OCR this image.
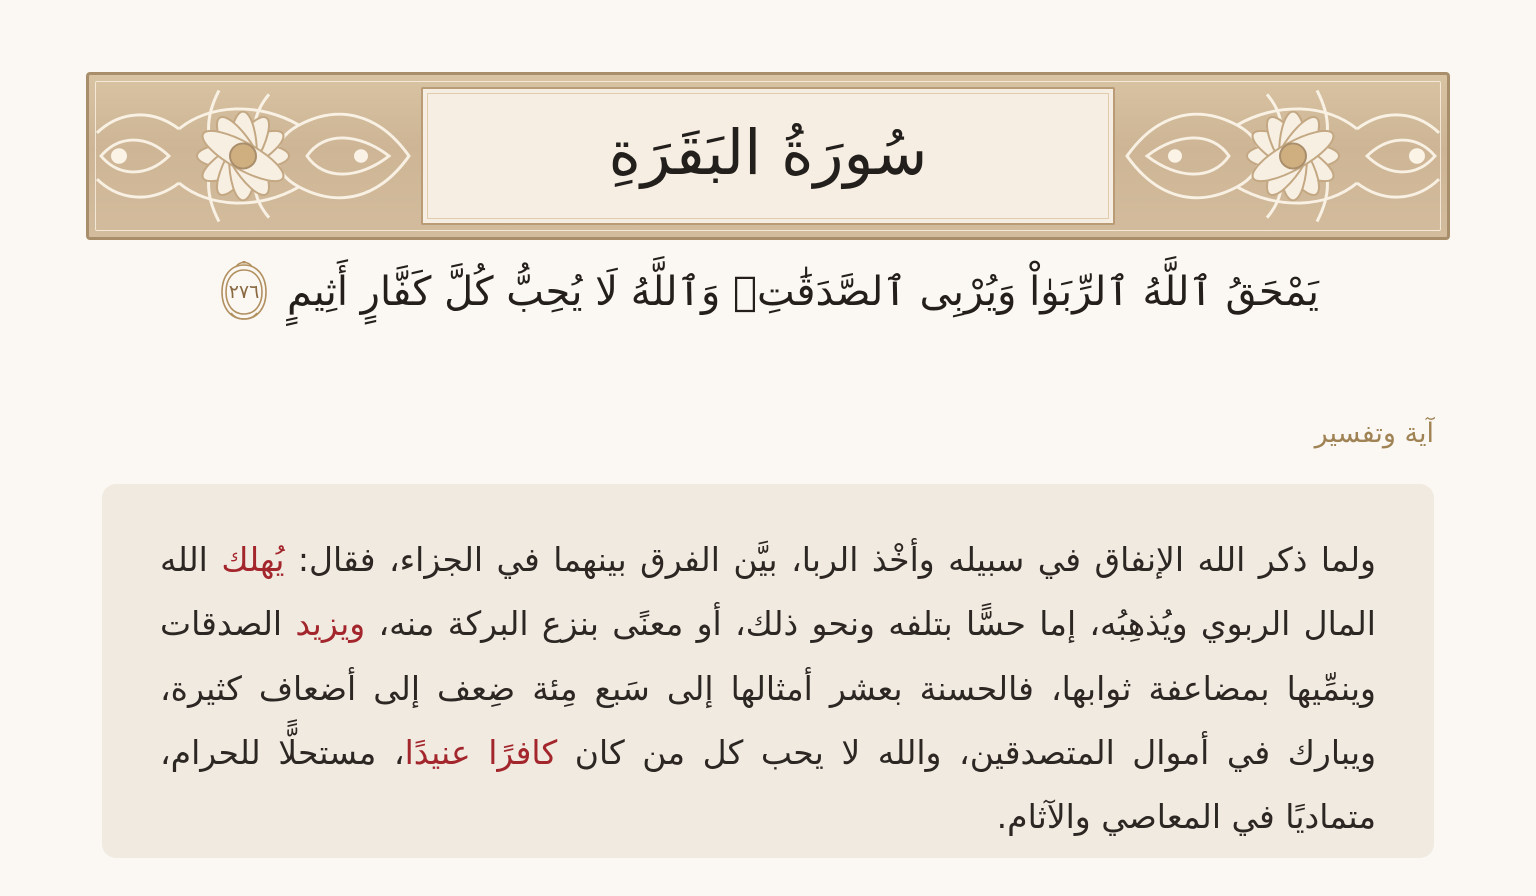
سُورَةُ البَقَرَةِ
يَمْحَقُ ٱللَّهُ ٱلرِّبَوٰاْ وَيُرْبِى ٱلصَّدَقَٰتِۚ وَٱللَّهُ لَا يُحِبُّ كُلَّ كَفَّارٍ أَثِيمٍ
٢٧٦
آية وتفسير
ولما ذكر الله الإنفاق في سبيله وأخْذ الربا، بيَّن الفرق بينهما في الجزاء، فقال: يُهلك الله المال الربوي ويُذهِبُه، إما حسًّا بتلفه ونحو ذلك، أو معنًى بنزع البركة منه، ويزيد الصدقات وينمِّيها بمضاعفة ثوابها، فالحسنة بعشر أمثالها إلى سَبع مِئة ضِعف إلى أضعاف كثيرة، ويبارك في أموال المتصدقين، والله لا يحب كل من كان كافرًا عنيدًا، مستحلًّا للحرام، متماديًا في المعاصي والآثام.
